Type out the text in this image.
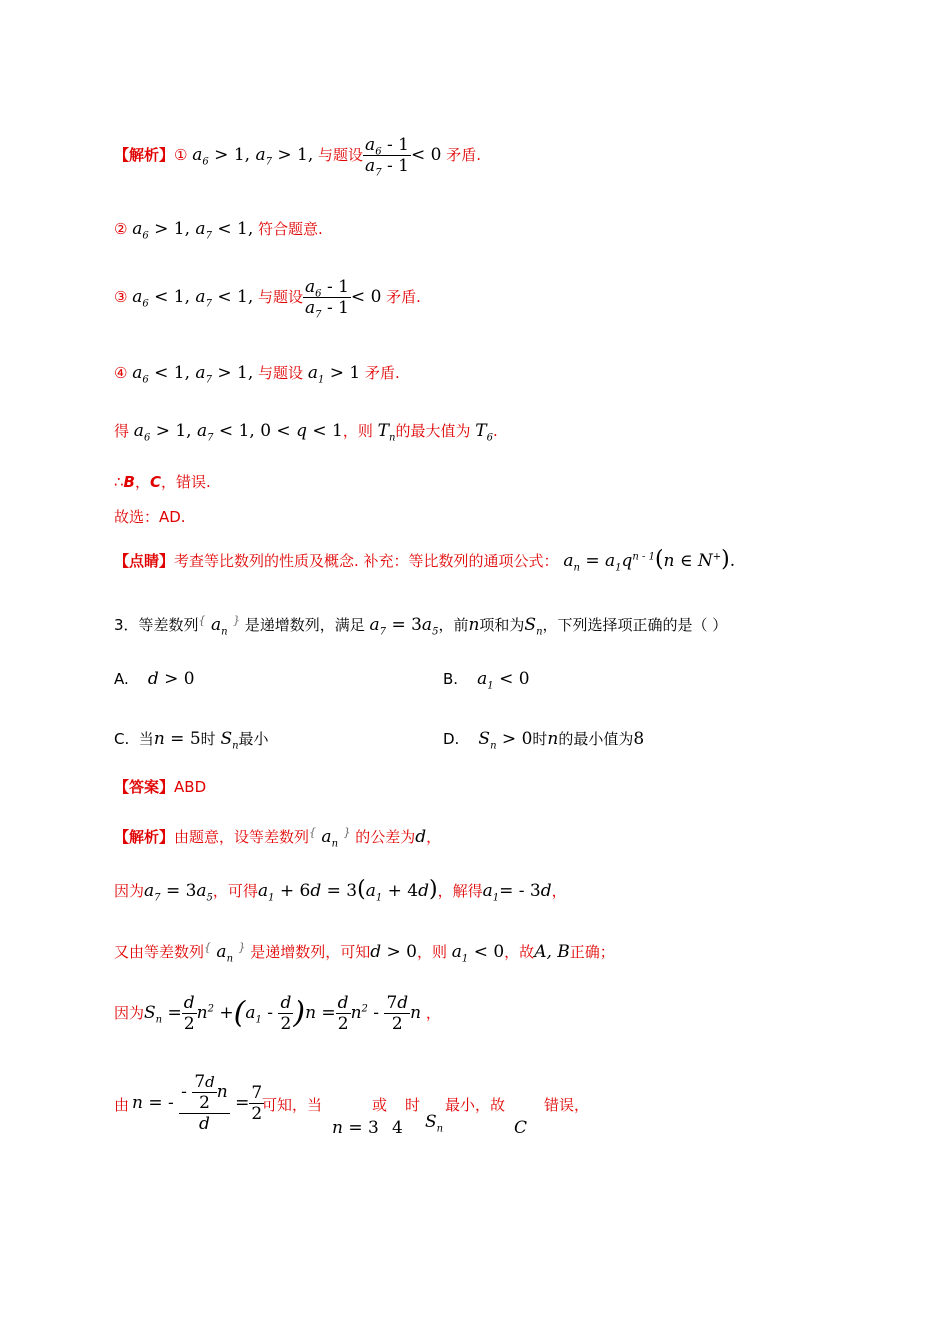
【解析】① $a_6 > 1$, $a_7 > 1$, 与题设 $\frac{a_6 - 1}{a_7 - 1} < 0$ 矛盾.
② $a_6 > 1$, $a_7 < 1$, 符合题意.
③ $a_6 < 1$, $a_7 < 1$, 与题设 $\frac{a_6 - 1}{a_7 - 1} < 0$ 矛盾.
④ $a_6 < 1$, $a_7 > 1$, 与题设 $a_1 > 1$ 矛盾.
得 $a_6 > 1$, $a_7 < 1$, 0 < q < 1，则 $T_n$的最大值为 $T_6$.
∴B，C，错误.
故选：AD.
【点睛】考查等比数列的性质及概念. 补充：等比数列的通项公式： $a_n = a_1q^{n - 1}(n$ ∈ N+).
3．等差数列{ $a_n$ } 是递增数列，满足 $a_7 = 3a_5$，前n项和为$S_n$，下列选择项正确的是（ ）
A. d > 0	B. $a_1 < 0$
C. 当n = 5时 $S_n$最小	D. $S_n > 0$时n的最小值为8
【答案】ABD
【解析】由题意，设等差数列{ $a_n$ } 的公差为d，
因为$a_7 = 3a_5$，可得$a_1 + 6d = 3(a_1 + 4d)$，解得$a_1= - 3d$，
又由等差数列{ $a_n$ } 是递增数列，可知d > 0，则 $a_1 < 0$，故A, B正确；
因为$S_n = \frac{d}{2} n^2 +(a_1 - \frac{d}{2} )n = \frac{d}{2} n^2 - \frac{7d}{2}$ n ，
由 n = - $\frac{- \frac{7d}{2} n}{d} = \frac{7}{2}$
可知，当
n = 3
或
4
时
$S_n$
最小，故
C
错误，
